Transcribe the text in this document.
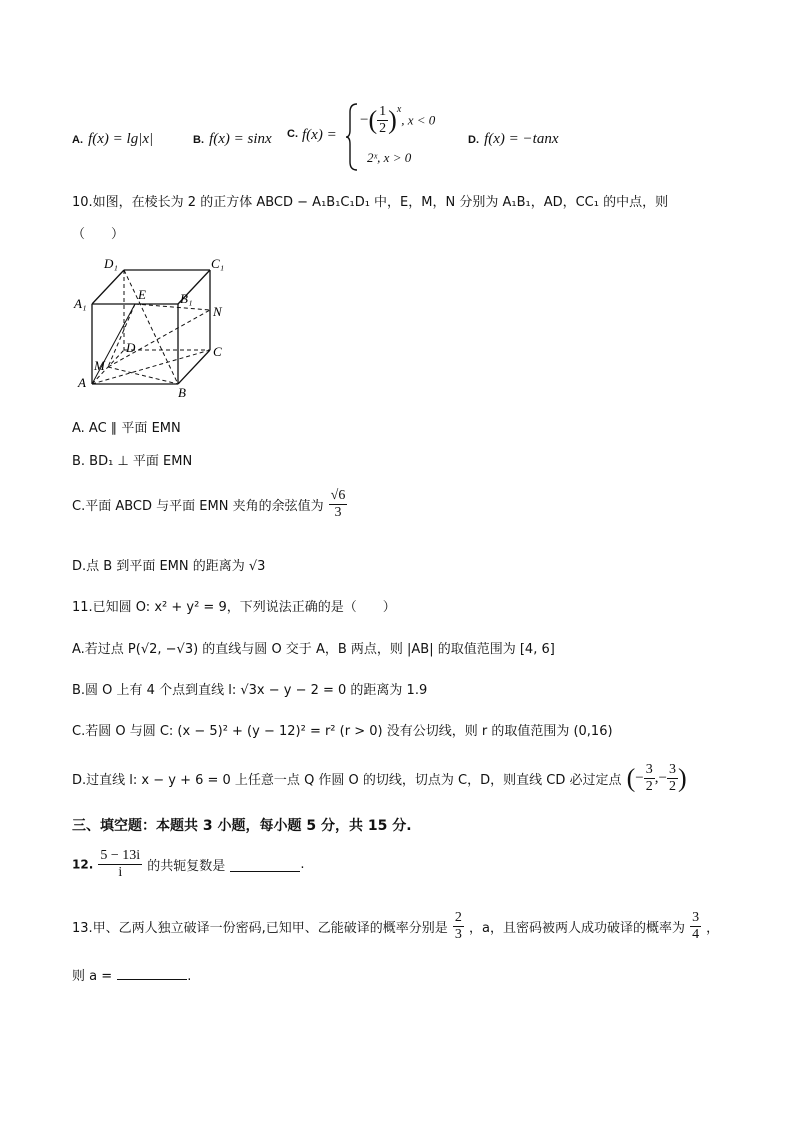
A. f(x) = lg|x|	B. f(x) = sinx C. f(x) =
−( $\frac{1}{2} )^x$, x < 0
2ˣ, x > 0
D. f(x) = −tanx
10.如图，在棱长为 2 的正方体 ABCD − A₁B₁C₁D₁ 中，E，M，N 分别为 A₁B₁，AD，CC₁ 的中点，则
（　　）
D₁	C₁
A₁
E	B₁
N
D	C
M
A
B
A. AC ∥ 平面 EMN
B. BD₁ ⊥ 平面 EMN
C.平面 ABCD 与平面 EMN 夹角的余弦值为 $\frac{√6}{3}$
D.点 B 到平面 EMN 的距离为 √3
11.已知圆 O: x² + y² = 9，下列说法正确的是（　　）
A.若过点 P(√2, −√3) 的直线与圆 O 交于 A，B 两点，则 |AB| 的取值范围为 [4, 6]
B.圆 O 上有 4 个点到直线 l: √3x − y − 2 = 0 的距离为 1.9
C.若圆 O 与圆 C: (x − 5)² + (y − 12)² = r² (r > 0) 没有公切线，则 r 的取值范围为 (0,16)
D.过直线 l: x − y + 6 = 0 上任意一点 Q 作圆 O 的切线，切点为 C，D，则直线 CD 必过定点 (− $\frac{3}{2}$ ,− $\frac{3}{2}$ )
三、填空题：本题共 3 小题，每小题 5 分，共 15 分.
12. $\frac{5 - 13i}{i}$ 的共轭复数是	.
13.甲、乙两人独立破译一份密码,已知甲、乙能破译的概率分别是 $\frac{2}{3}$ ，a，且密码被两人成功破译的概率为 $\frac{3}{4}$ ，
则 a =	.
